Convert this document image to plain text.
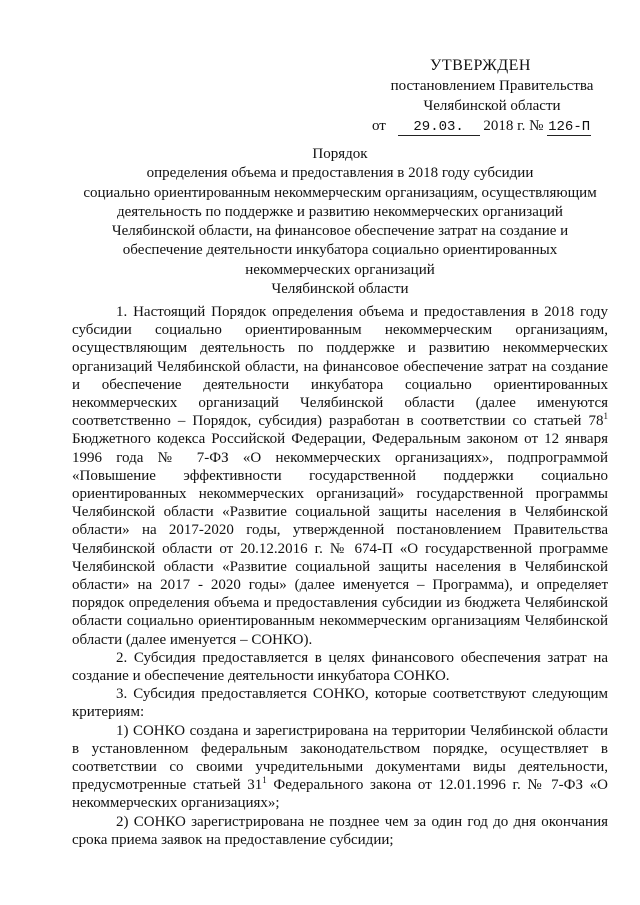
УТВЕРЖДЕН
постановлением Правительства
Челябинской области
от 29.03. 2018 г. № 126-П
Порядок
определения объема и предоставления в 2018 году субсидии
социально ориентированным некоммерческим организациям, осуществляющим
деятельность по поддержке и развитию некоммерческих организаций
Челябинской области, на финансовое обеспечение затрат на создание и
обеспечение деятельности инкубатора социально ориентированных
некоммерческих организаций
Челябинской области

1. Настоящий Порядок определения объема и предоставления в 2018 году субсидии социально ориентированным некоммерческим организациям, осуществляющим деятельность по поддержке и развитию некоммерческих организаций Челябинской области, на финансовое обеспечение затрат на создание и обеспечение деятельности инкубатора социально ориентированных некоммерческих организаций Челябинской области (далее именуются соответственно – Порядок, субсидия) разработан в соответствии со статьей $78^1$ Бюджетного кодекса Российской Федерации, Федеральным законом от 12 января 1996 года № 7-ФЗ «О некоммерческих организациях», подпрограммой «Повышение эффективности государственной поддержки социально ориентированных некоммерческих организаций» государственной программы Челябинской области «Развитие социальной защиты населения в Челябинской области» на 2017-2020 годы, утвержденной постановлением Правительства Челябинской области от 20.12.2016 г. № 674-П «О государственной программе Челябинской области «Развитие социальной защиты населения в Челябинской области» на 2017 - 2020 годы» (далее именуется – Программа), и определяет порядок определения объема и предоставления субсидии из бюджета Челябинской области социально ориентированным некоммерческим организациям Челябинской области (далее именуется – СОНКО).

2. Субсидия предоставляется в целях финансового обеспечения затрат на создание и обеспечение деятельности инкубатора СОНКО.

3. Субсидия предоставляется СОНКО, которые соответствуют следующим критериям:

1) СОНКО создана и зарегистрирована на территории Челябинской области в установленном федеральным законодательством порядке, осуществляет в соответствии со своими учредительными документами виды деятельности, предусмотренные статьей $31^1$ Федерального закона от 12.01.1996 г. № 7-ФЗ «О некоммерческих организациях»;

2) СОНКО зарегистрирована не позднее чем за один год до дня окончания срока приема заявок на предоставление субсидии;
